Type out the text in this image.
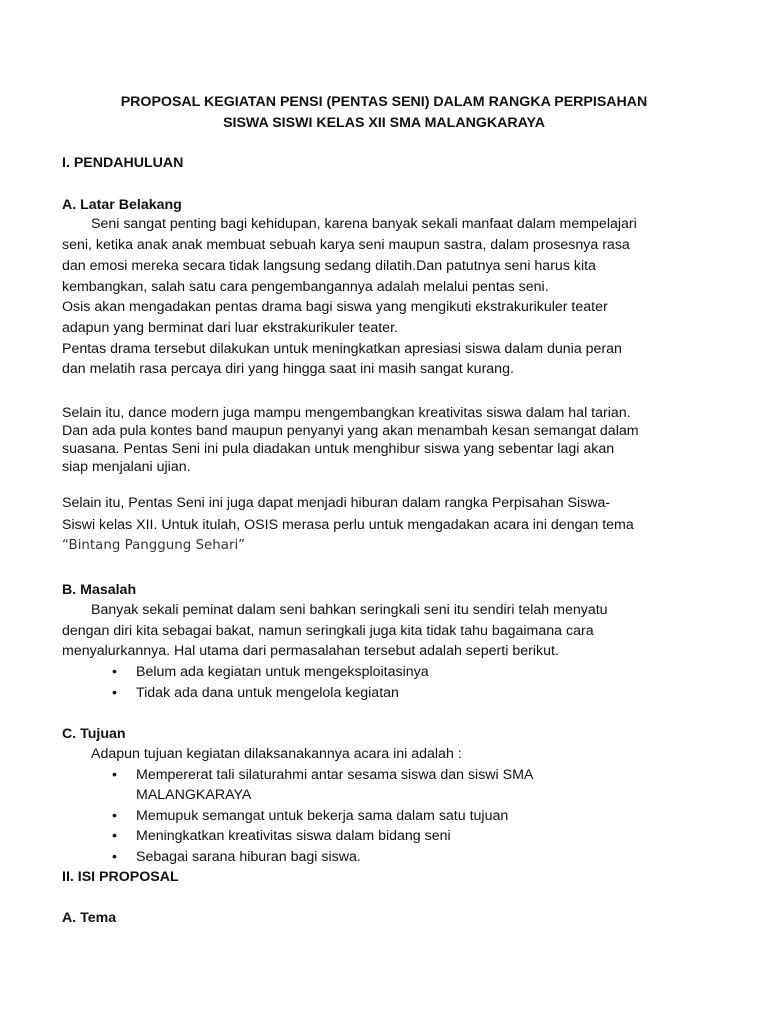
PROPOSAL KEGIATAN PENSI (PENTAS SENI) DALAM RANGKA PERPISAHAN
SISWA SISWI KELAS XII SMA MALANGKARAYA
I. PENDAHULUAN
A. Latar Belakang
Seni sangat penting bagi kehidupan, karena banyak sekali manfaat dalam mempelajari
seni, ketika anak anak membuat sebuah karya seni maupun sastra, dalam prosesnya rasa
dan emosi mereka secara tidak langsung sedang dilatih.Dan patutnya seni harus kita
kembangkan, salah satu cara pengembangannya adalah melalui pentas seni.
Osis akan mengadakan pentas drama bagi siswa yang mengikuti ekstrakurikuler teater
adapun yang berminat dari luar ekstrakurikuler teater.
Pentas drama tersebut dilakukan untuk meningkatkan apresiasi siswa dalam dunia peran
dan melatih rasa percaya diri yang hingga saat ini masih sangat kurang.
Selain itu, dance modern juga mampu mengembangkan kreativitas siswa dalam hal tarian.
Dan ada pula kontes band maupun penyanyi yang akan menambah kesan semangat dalam
suasana. Pentas Seni ini pula diadakan untuk menghibur siswa yang sebentar lagi akan
siap menjalani ujian.
Selain itu, Pentas Seni ini juga dapat menjadi hiburan dalam rangka Perpisahan Siswa-
Siswi kelas XII. Untuk itulah, OSIS merasa perlu untuk mengadakan acara ini dengan tema
“Bintang Panggung Sehari”
B. Masalah
Banyak sekali peminat dalam seni bahkan seringkali seni itu sendiri telah menyatu
dengan diri kita sebagai bakat, namun seringkali juga kita tidak tahu bagaimana cara
menyalurkannya. Hal utama dari permasalahan tersebut adalah seperti berikut.
• Belum ada kegiatan untuk mengeksploitasinya
• Tidak ada dana untuk mengelola kegiatan
C. Tujuan
Adapun tujuan kegiatan dilaksanakannya acara ini adalah :
• Mempererat tali silaturahmi antar sesama siswa dan siswi SMA
MALANGKARAYA
• Memupuk semangat untuk bekerja sama dalam satu tujuan
• Meningkatkan kreativitas siswa dalam bidang seni
• Sebagai sarana hiburan bagi siswa.
II. ISI PROPOSAL
A. Tema
